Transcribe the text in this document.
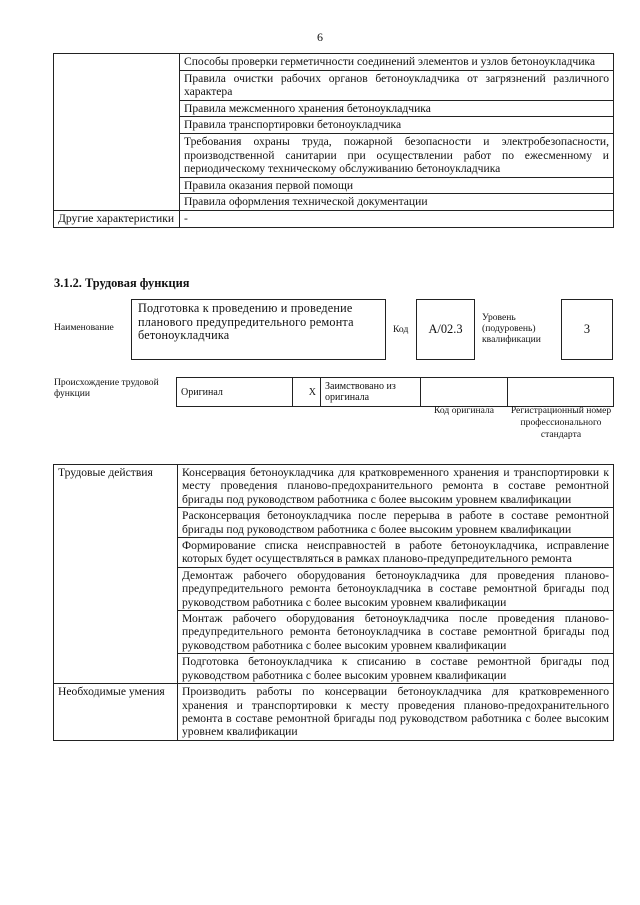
6
	Способы проверки герметичности соединений элементов и узлов бетоноукладчика
	Правила очистки рабочих органов бетоноукладчика от загрязнений различного характера
	Правила межсменного хранения бетоноукладчика
	Правила транспортировки бетоноукладчика
	Требования охраны труда, пожарной безопасности и электробезопасности, производственной санитарии при осуществлении работ по ежесменному и периодическому техническому обслуживанию бетоноукладчика
	Правила оказания первой помощи
	Правила оформления технической документации
Другие характеристики	-
3.1.2. Трудовая функция
Наименование
Подготовка к проведению и проведение планового предупредительного ремонта бетоноукладчика	Код	A/02.3
Уровень (подуровень) квалификации
3
Происхождение трудовой функции	Оригинал	X	Заимствовано из оригинала		
Код оригинала	Регистрационный номер профессионального стандарта
Трудовые действия	Консервация бетоноукладчика для кратковременного хранения и транспортировки к месту проведения планово-предохранительного ремонта в составе ремонтной бригады под руководством работника с более высоким уровнем квалификации
	Расконсервация бетоноукладчика после перерыва в работе в составе ремонтной бригады под руководством работника с более высоким уровнем квалификации
	Формирование списка неисправностей в работе бетоноукладчика, исправление которых будет осуществляться в рамках планово-предупредительного ремонта
	Демонтаж рабочего оборудования бетоноукладчика для проведения планово-предупредительного ремонта бетоноукладчика в составе ремонтной бригады под руководством работника с более высоким уровнем квалификации
	Монтаж рабочего оборудования бетоноукладчика после проведения планово-предупредительного ремонта бетоноукладчика в составе ремонтной бригады под руководством работника с более высоким уровнем квалификации
	Подготовка бетоноукладчика к списанию в составе ремонтной бригады под руководством работника с более высоким уровнем квалификации
Необходимые умения	Производить работы по консервации бетоноукладчика для кратковременного хранения и транспортировки к месту проведения планово-предохранительного ремонта в составе ремонтной бригады под руководством работника с более высоким уровнем квалификации
